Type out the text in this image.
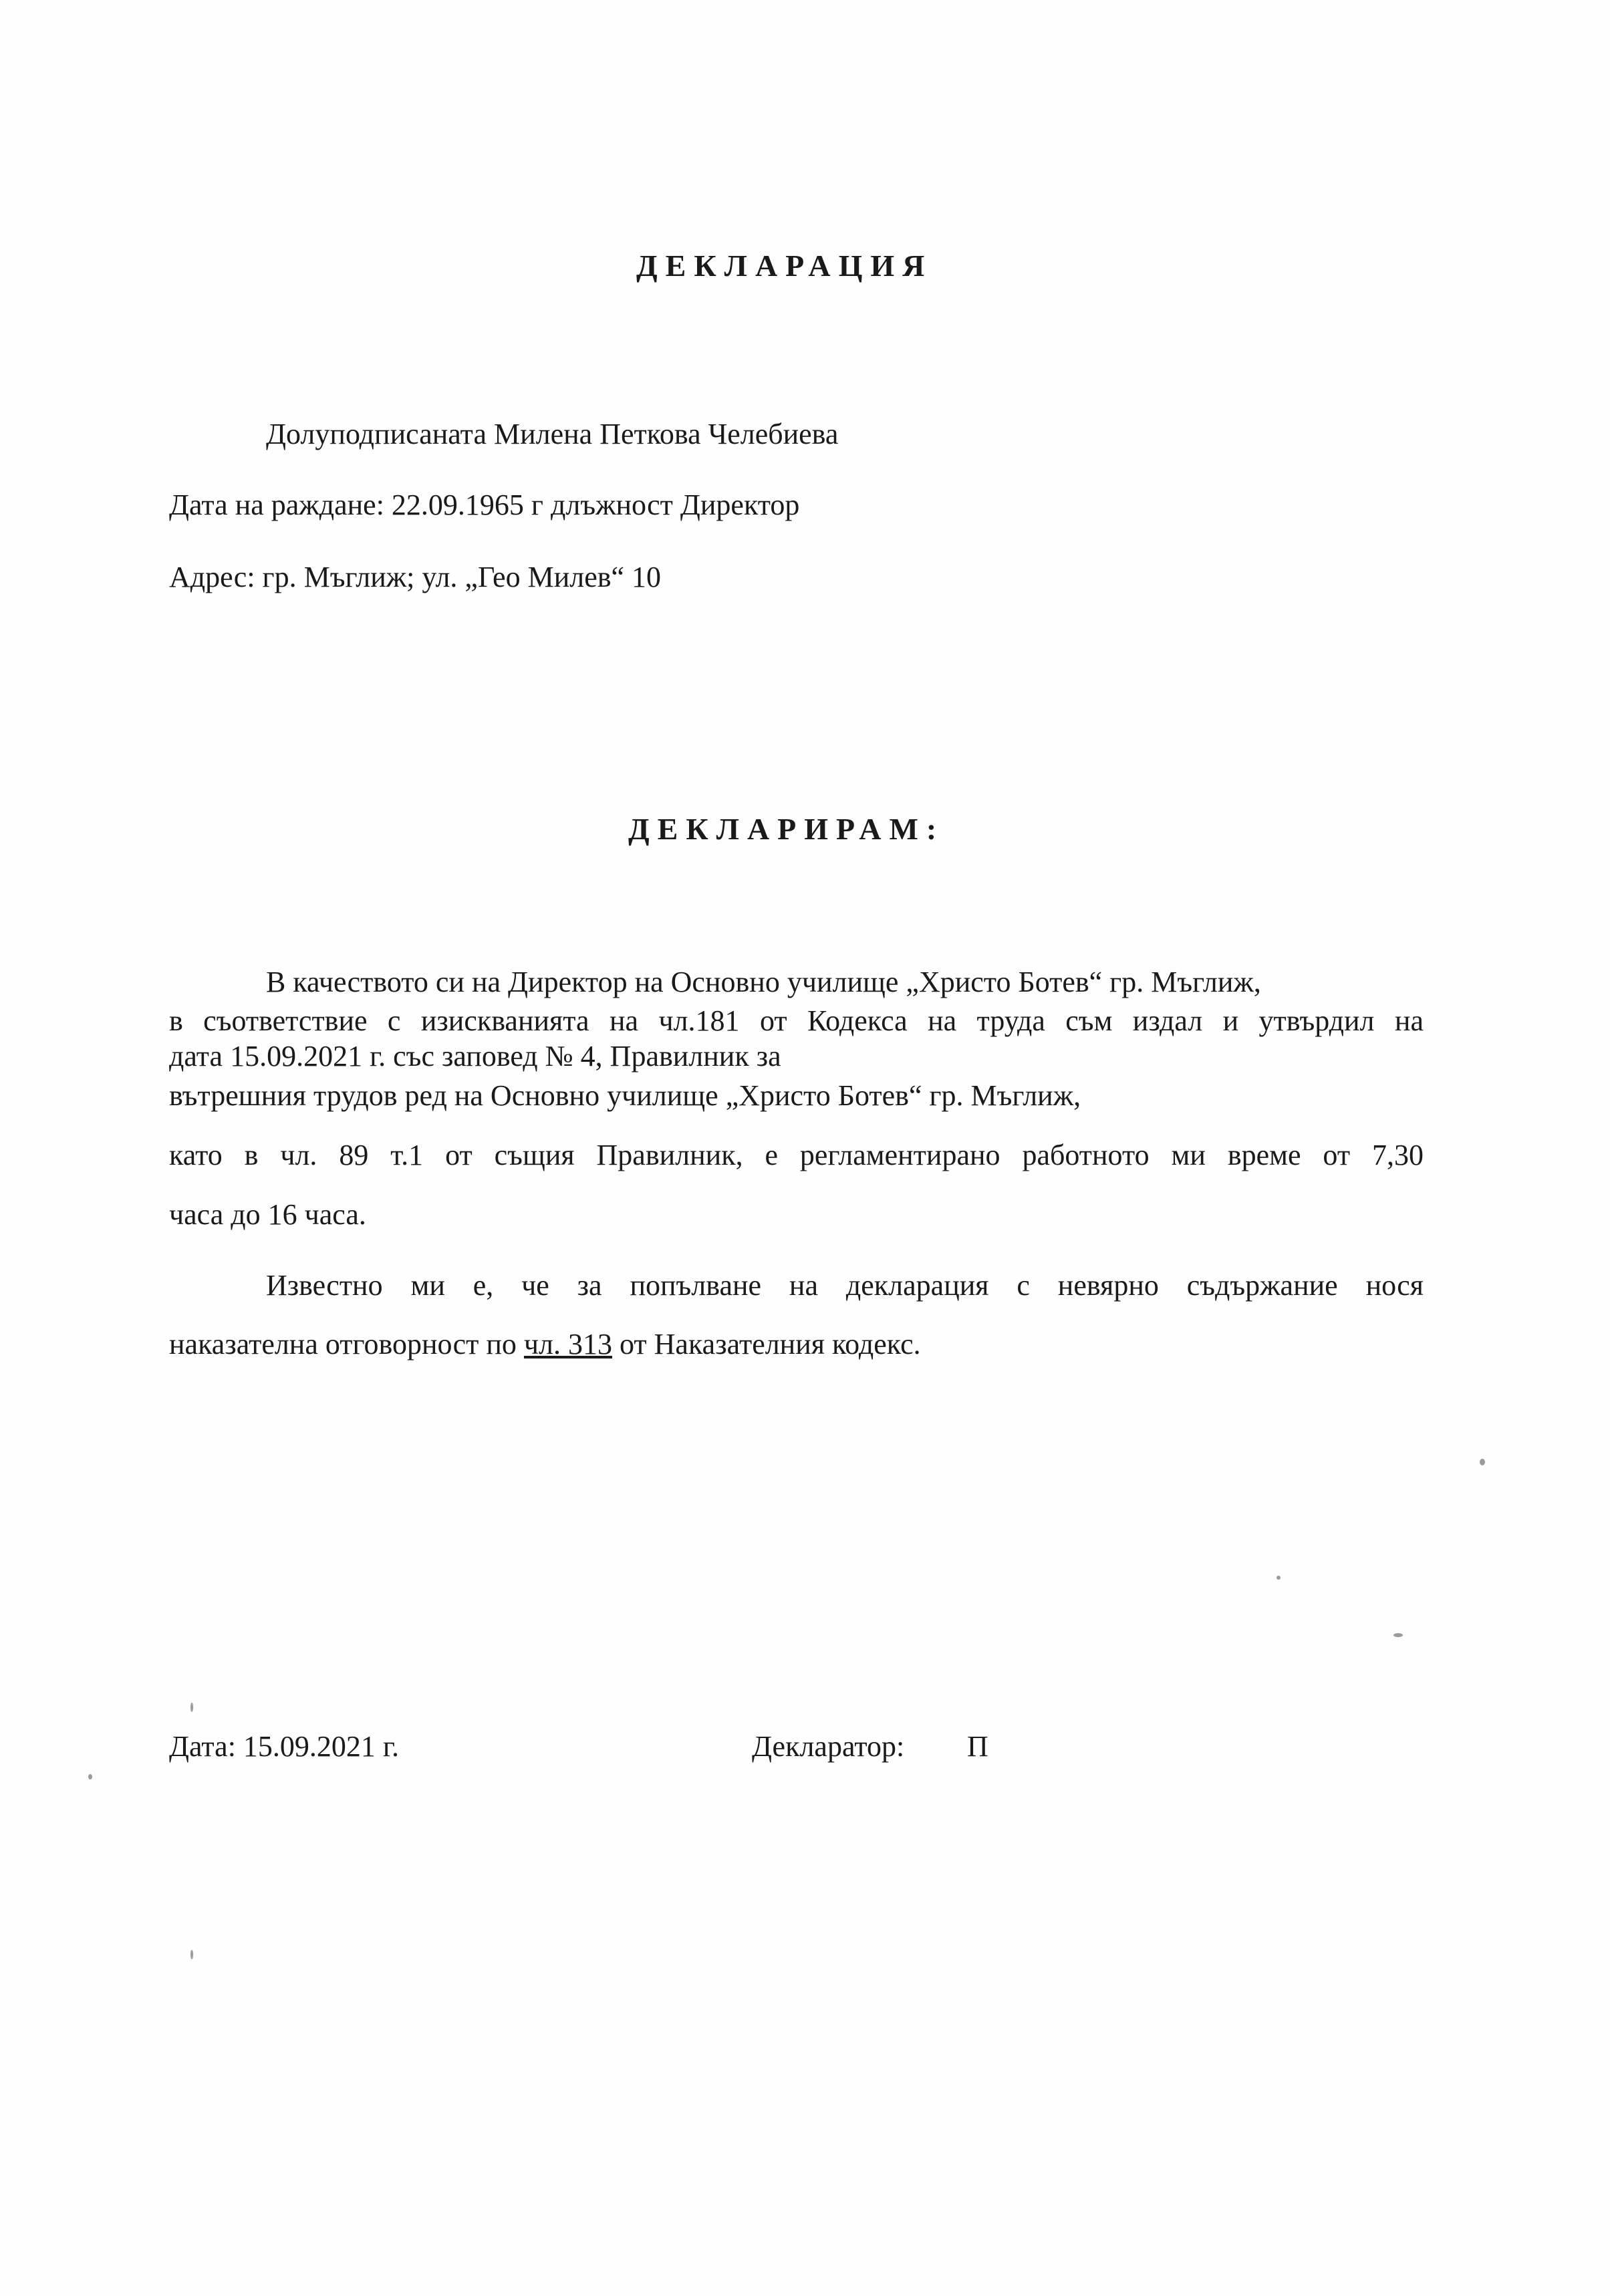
ДЕКЛАРАЦИЯ
Долуподписаната Милена Петкова Челебиева
Дата на раждане: 22.09.1965 г длъжност Директор
Адрес: гр. Мъглиж; ул. „Гео Милев“ 10
ДЕКЛАРИРАМ:
В качеството си на Директор на Основно училище „Христо Ботев“ гр. Мъглиж,
в съответствие с изискванията на чл.181 от Кодекса на труда съм издал и утвърдил на
дата 15.09.2021 г. със заповед № 4, Правилник за
вътрешния трудов ред на Основно училище „Христо Ботев“ гр. Мъглиж,
като в чл. 89 т.1 от същия Правилник, е регламентирано работното ми време от 7,30
часа до 16 часа.
Известно ми е, че за попълване на декларация с невярно съдържание нося
наказателна отговорност по чл. 313 от Наказателния кодекс.
Дата: 15.09.2021 г.	Декларатор: П
